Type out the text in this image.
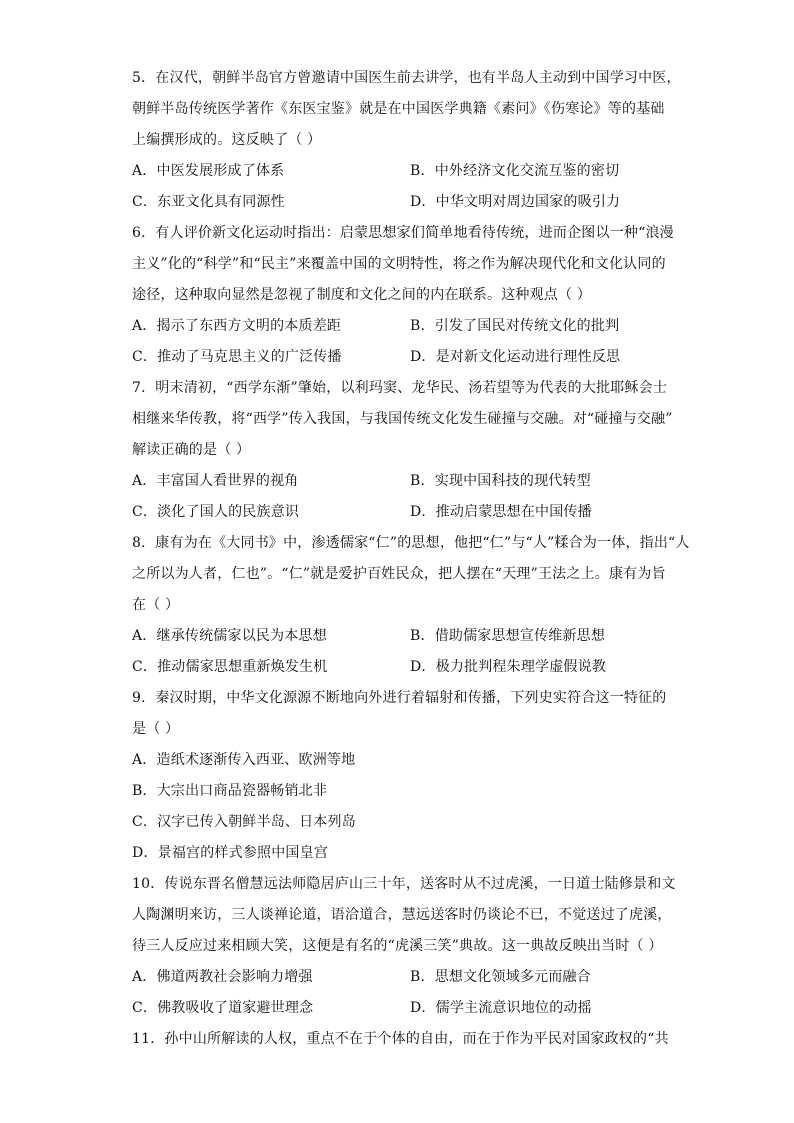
5．在汉代，朝鲜半岛官方曾邀请中国医生前去讲学，也有半岛人主动到中国学习中医，
朝鲜半岛传统医学著作《东医宝鉴》就是在中国医学典籍《素问》《伤寒论》等的基础
上编撰形成的。这反映了（ ）
A．中医发展形成了体系	B．中外经济文化交流互鉴的密切
C．东亚文化具有同源性	D．中华文明对周边国家的吸引力
6．有人评价新文化运动时指出：启蒙思想家们简单地看待传统，进而企图以一种“浪漫
主义”化的“科学”和“民主”来覆盖中国的文明特性，将之作为解决现代化和文化认同的
途径，这种取向显然是忽视了制度和文化之间的内在联系。这种观点（ ）
A．揭示了东西方文明的本质差距	B．引发了国民对传统文化的批判
C．推动了马克思主义的广泛传播	D．是对新文化运动进行理性反思
7．明末清初，“西学东渐”肇始，以利玛窦、龙华民、汤若望等为代表的大批耶稣会士
相继来华传教，将“西学”传入我国，与我国传统文化发生碰撞与交融。对“碰撞与交融”
解读正确的是（ ）
A．丰富国人看世界的视角	B．实现中国科技的现代转型
C．淡化了国人的民族意识	D．推动启蒙思想在中国传播
8．康有为在《大同书》中，渗透儒家“仁”的思想，他把“仁”与“人”糅合为一体，指出“人
之所以为人者，仁也”。“仁”就是爱护百姓民众，把人摆在“天理”王法之上。康有为旨
在（ ）
A．继承传统儒家以民为本思想	B．借助儒家思想宣传维新思想
C．推动儒家思想重新焕发生机	D．极力批判程朱理学虚假说教
9．秦汉时期，中华文化源源不断地向外进行着辐射和传播，下列史实符合这一特征的
是（ ）
A．造纸术逐渐传入西亚、欧洲等地
B．大宗出口商品瓷器畅销北非
C．汉字已传入朝鲜半岛、日本列岛
D．景福宫的样式参照中国皇宫
10．传说东晋名僧慧远法师隐居庐山三十年，送客时从不过虎溪，一日道士陆修景和文
人陶渊明来访，三人谈禅论道，语洽道合，慧远送客时仍谈论不已，不觉送过了虎溪，
待三人反应过来相顾大笑，这便是有名的“虎溪三笑”典故。这一典故反映出当时（ ）
A．佛道两教社会影响力增强	B．思想文化领域多元而融合
C．佛教吸收了道家避世理念	D．儒学主流意识地位的动摇
11．孙中山所解读的人权，重点不在于个体的自由，而在于作为平民对国家政权的“共
